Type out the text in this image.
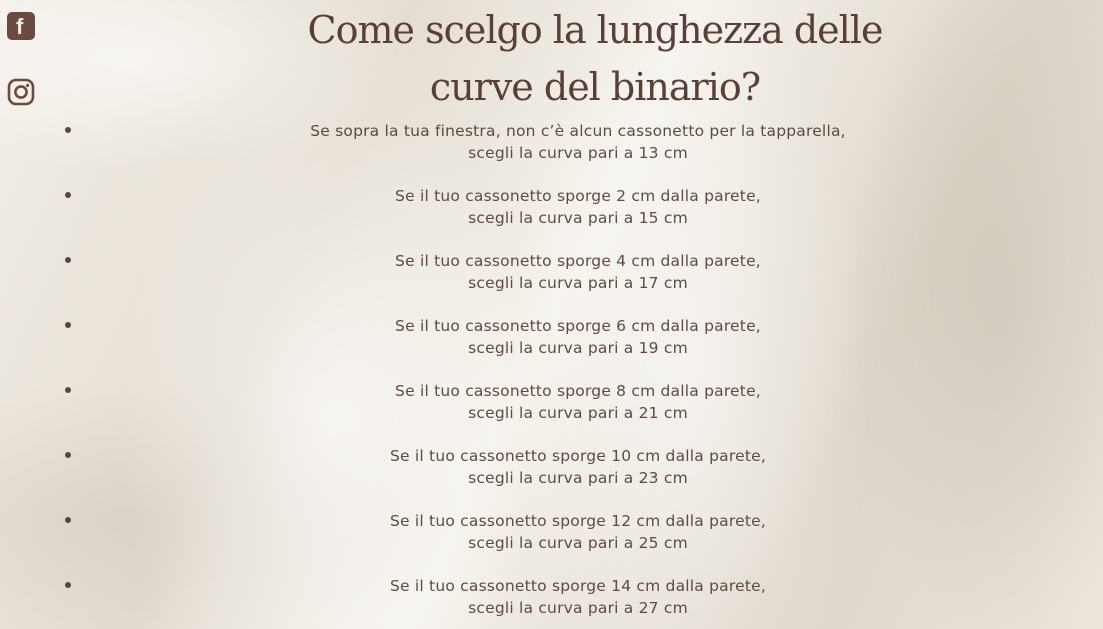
f	Come scelgo la lunghezza delle
curve del binario?
Se sopra la tua finestra, non c’è alcun cassonetto per la tapparella,
scegli la curva pari a 13 cm
Se il tuo cassonetto sporge 2 cm dalla parete,
scegli la curva pari a 15 cm
Se il tuo cassonetto sporge 4 cm dalla parete,
scegli la curva pari a 17 cm
Se il tuo cassonetto sporge 6 cm dalla parete,
scegli la curva pari a 19 cm
Se il tuo cassonetto sporge 8 cm dalla parete,
scegli la curva pari a 21 cm
Se il tuo cassonetto sporge 10 cm dalla parete,
scegli la curva pari a 23 cm
Se il tuo cassonetto sporge 12 cm dalla parete,
scegli la curva pari a 25 cm
Se il tuo cassonetto sporge 14 cm dalla parete,
scegli la curva pari a 27 cm
